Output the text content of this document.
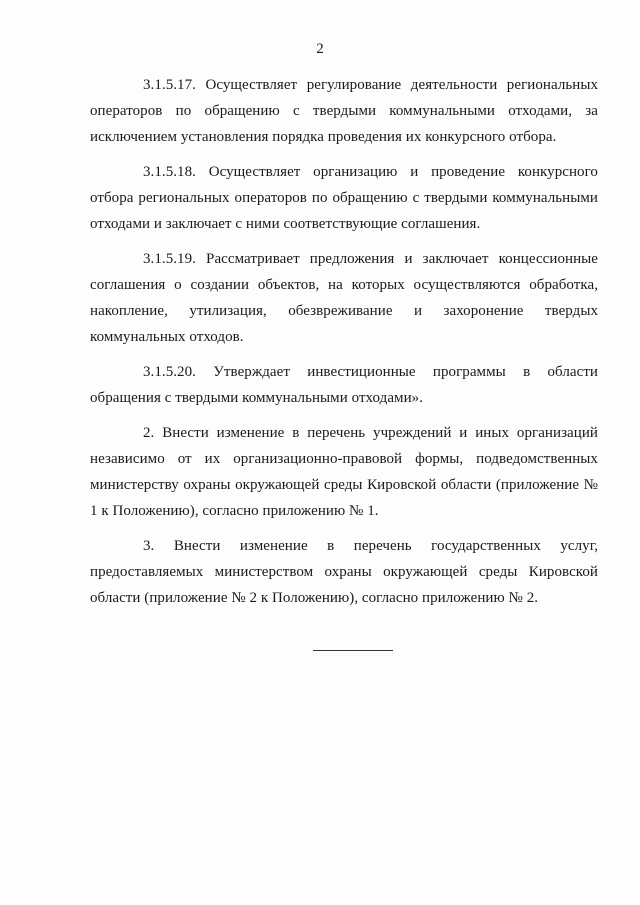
2

3.1.5.17. Осуществляет регулирование деятельности региональных операторов по обращению с твердыми коммунальными отходами, за исключением установления порядка проведения их конкурсного отбора.

3.1.5.18. Осуществляет организацию и проведение конкурсного отбора региональных операторов по обращению с твердыми коммунальными отходами и заключает с ними соответствующие соглашения.

3.1.5.19. Рассматривает предложения и заключает концессионные соглашения о создании объектов, на которых осуществляются обработка, накопление, утилизация, обезвреживание и захоронение твердых коммунальных отходов.

3.1.5.20. Утверждает инвестиционные программы в области обращения с твердыми коммунальными отходами».

2. Внести изменение в перечень учреждений и иных организаций независимо от их организационно-правовой формы, подведомственных министерству охраны окружающей среды Кировской области (приложение № 1 к Положению), согласно приложению № 1.

3. Внести изменение в перечень государственных услуг, предоставляемых министерством охраны окружающей среды Кировской области (приложение № 2 к Положению), согласно приложению № 2.
